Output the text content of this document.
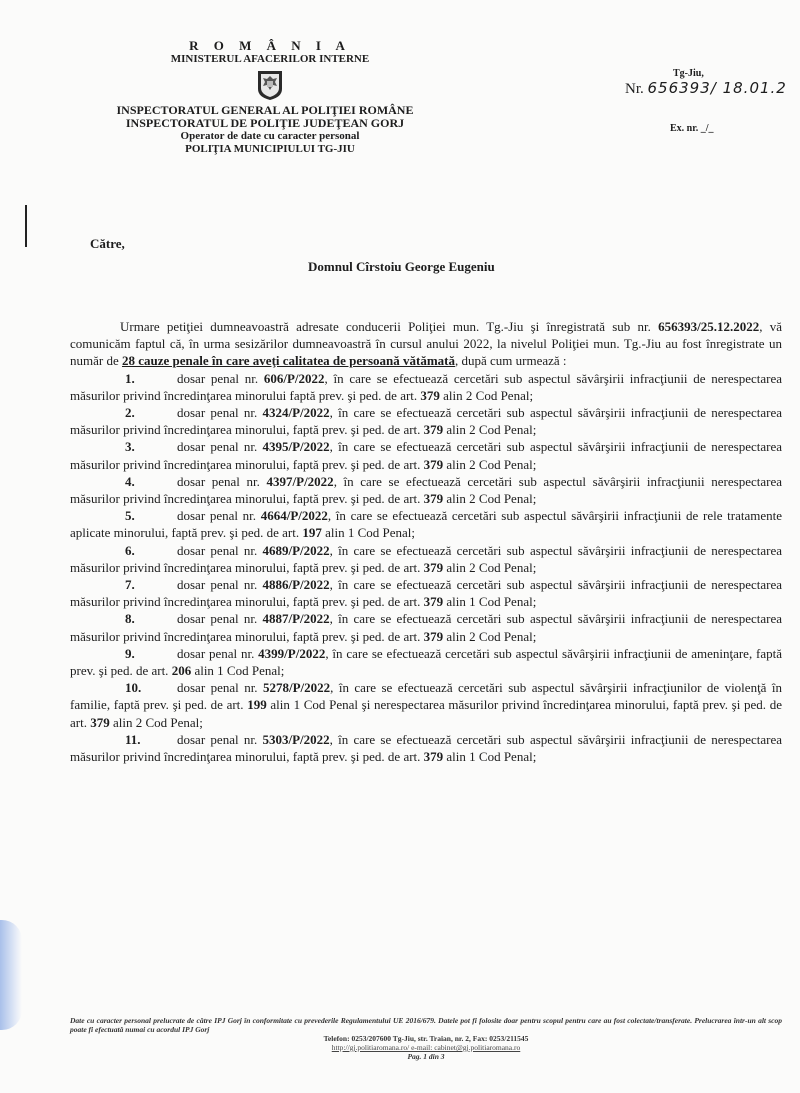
R O M Â N I A
MINISTERUL AFACERILOR INTERNE
INSPECTORATUL GENERAL AL POLIŢIEI ROMÂNE
INSPECTORATUL DE POLIŢIE JUDEŢEAN GORJ
Operator de date cu caracter personal
POLIŢIA MUNICIPIULUI TG-JIU
Tg-Jiu,
Nr. 656393/ 18.01.2
Ex. nr. _/_
Către,
Domnul Cîrstoiu George Eugeniu

Urmare petiţiei dumneavoastră adresate conducerii Poliţiei mun. Tg.-Jiu şi înregistrată sub nr. 656393/25.12.2022, vă comunicăm faptul că, în urma sesizărilor dumneavoastră în cursul anului 2022, la nivelul Poliţiei mun. Tg.-Jiu au fost înregistrate un număr de 28 cauze penale în care aveţi calitatea de persoană vătămată, după cum urmează :

1.	dosar penal nr. 606/P/2022, în care se efectuează cercetări sub aspectul săvârşirii infracţiunii de nerespectarea măsurilor privind încredinţarea minorului faptă prev. şi ped. de art. 379 alin 2 Cod Penal;

2.	dosar penal nr. 4324/P/2022, în care se efectuează cercetări sub aspectul săvârşirii infracţiunii de nerespectarea măsurilor privind încredinţarea minorului, faptă prev. şi ped. de art. 379 alin 2 Cod Penal;

3.	dosar penal nr. 4395/P/2022, în care se efectuează cercetări sub aspectul săvârşirii infracţiunii de nerespectarea măsurilor privind încredinţarea minorului, faptă prev. şi ped. de art. 379 alin 2 Cod Penal;

4.	dosar penal nr. 4397/P/2022, în care se efectuează cercetări sub aspectul săvârşirii infracţiunii nerespectarea măsurilor privind încredinţarea minorului, faptă prev. şi ped. de art. 379 alin 2 Cod Penal;

5.	dosar penal nr. 4664/P/2022, în care se efectuează cercetări sub aspectul săvârşirii infracţiunii de rele tratamente aplicate minorului, faptă prev. şi ped. de art. 197 alin 1 Cod Penal;

6.	dosar penal nr. 4689/P/2022, în care se efectuează cercetări sub aspectul săvârşirii infracţiunii de nerespectarea măsurilor privind încredinţarea minorului, faptă prev. şi ped. de art. 379 alin 2 Cod Penal;

7.	dosar penal nr. 4886/P/2022, în care se efectuează cercetări sub aspectul săvârşirii infracţiunii de nerespectarea măsurilor privind încredinţarea minorului, faptă prev. şi ped. de art. 379 alin 1 Cod Penal;

8.	dosar penal nr. 4887/P/2022, în care se efectuează cercetări sub aspectul săvârşirii infracţiunii de nerespectarea măsurilor privind încredinţarea minorului, faptă prev. şi ped. de art. 379 alin 2 Cod Penal;

9.	dosar penal nr. 4399/P/2022, în care se efectuează cercetări sub aspectul săvârşirii infracţiunii de ameninţare, faptă prev. şi ped. de art. 206 alin 1 Cod Penal;

10.	dosar penal nr. 5278/P/2022, în care se efectuează cercetări sub aspectul săvârşirii infracţiunilor de violenţă în familie, faptă prev. şi ped. de art. 199 alin 1 Cod Penal şi nerespectarea măsurilor privind încredinţarea minorului, faptă prev. şi ped. de art. 379 alin 2 Cod Penal;

11.	dosar penal nr. 5303/P/2022, în care se efectuează cercetări sub aspectul săvârşirii infracţiunii de nerespectarea măsurilor privind încredinţarea minorului, faptă prev. şi ped. de art. 379 alin 1 Cod Penal;

Date cu caracter personal prelucrate de către IPJ Gorj în conformitate cu prevederile Regulamentului UE 2016/679. Datele pot fi folosite doar pentru scopul pentru care au fost colectate/transferate. Prelucrarea într-un alt scop poate fi efectuată numai cu acordul IPJ Gorj
Telefon: 0253/207600 Tg-Jiu, str. Traian, nr. 2, Fax: 0253/211545
http://gj.politiaromana.ro/ e-mail: cabinet@gj.politiaromana.ro
Pag. 1 din 3
